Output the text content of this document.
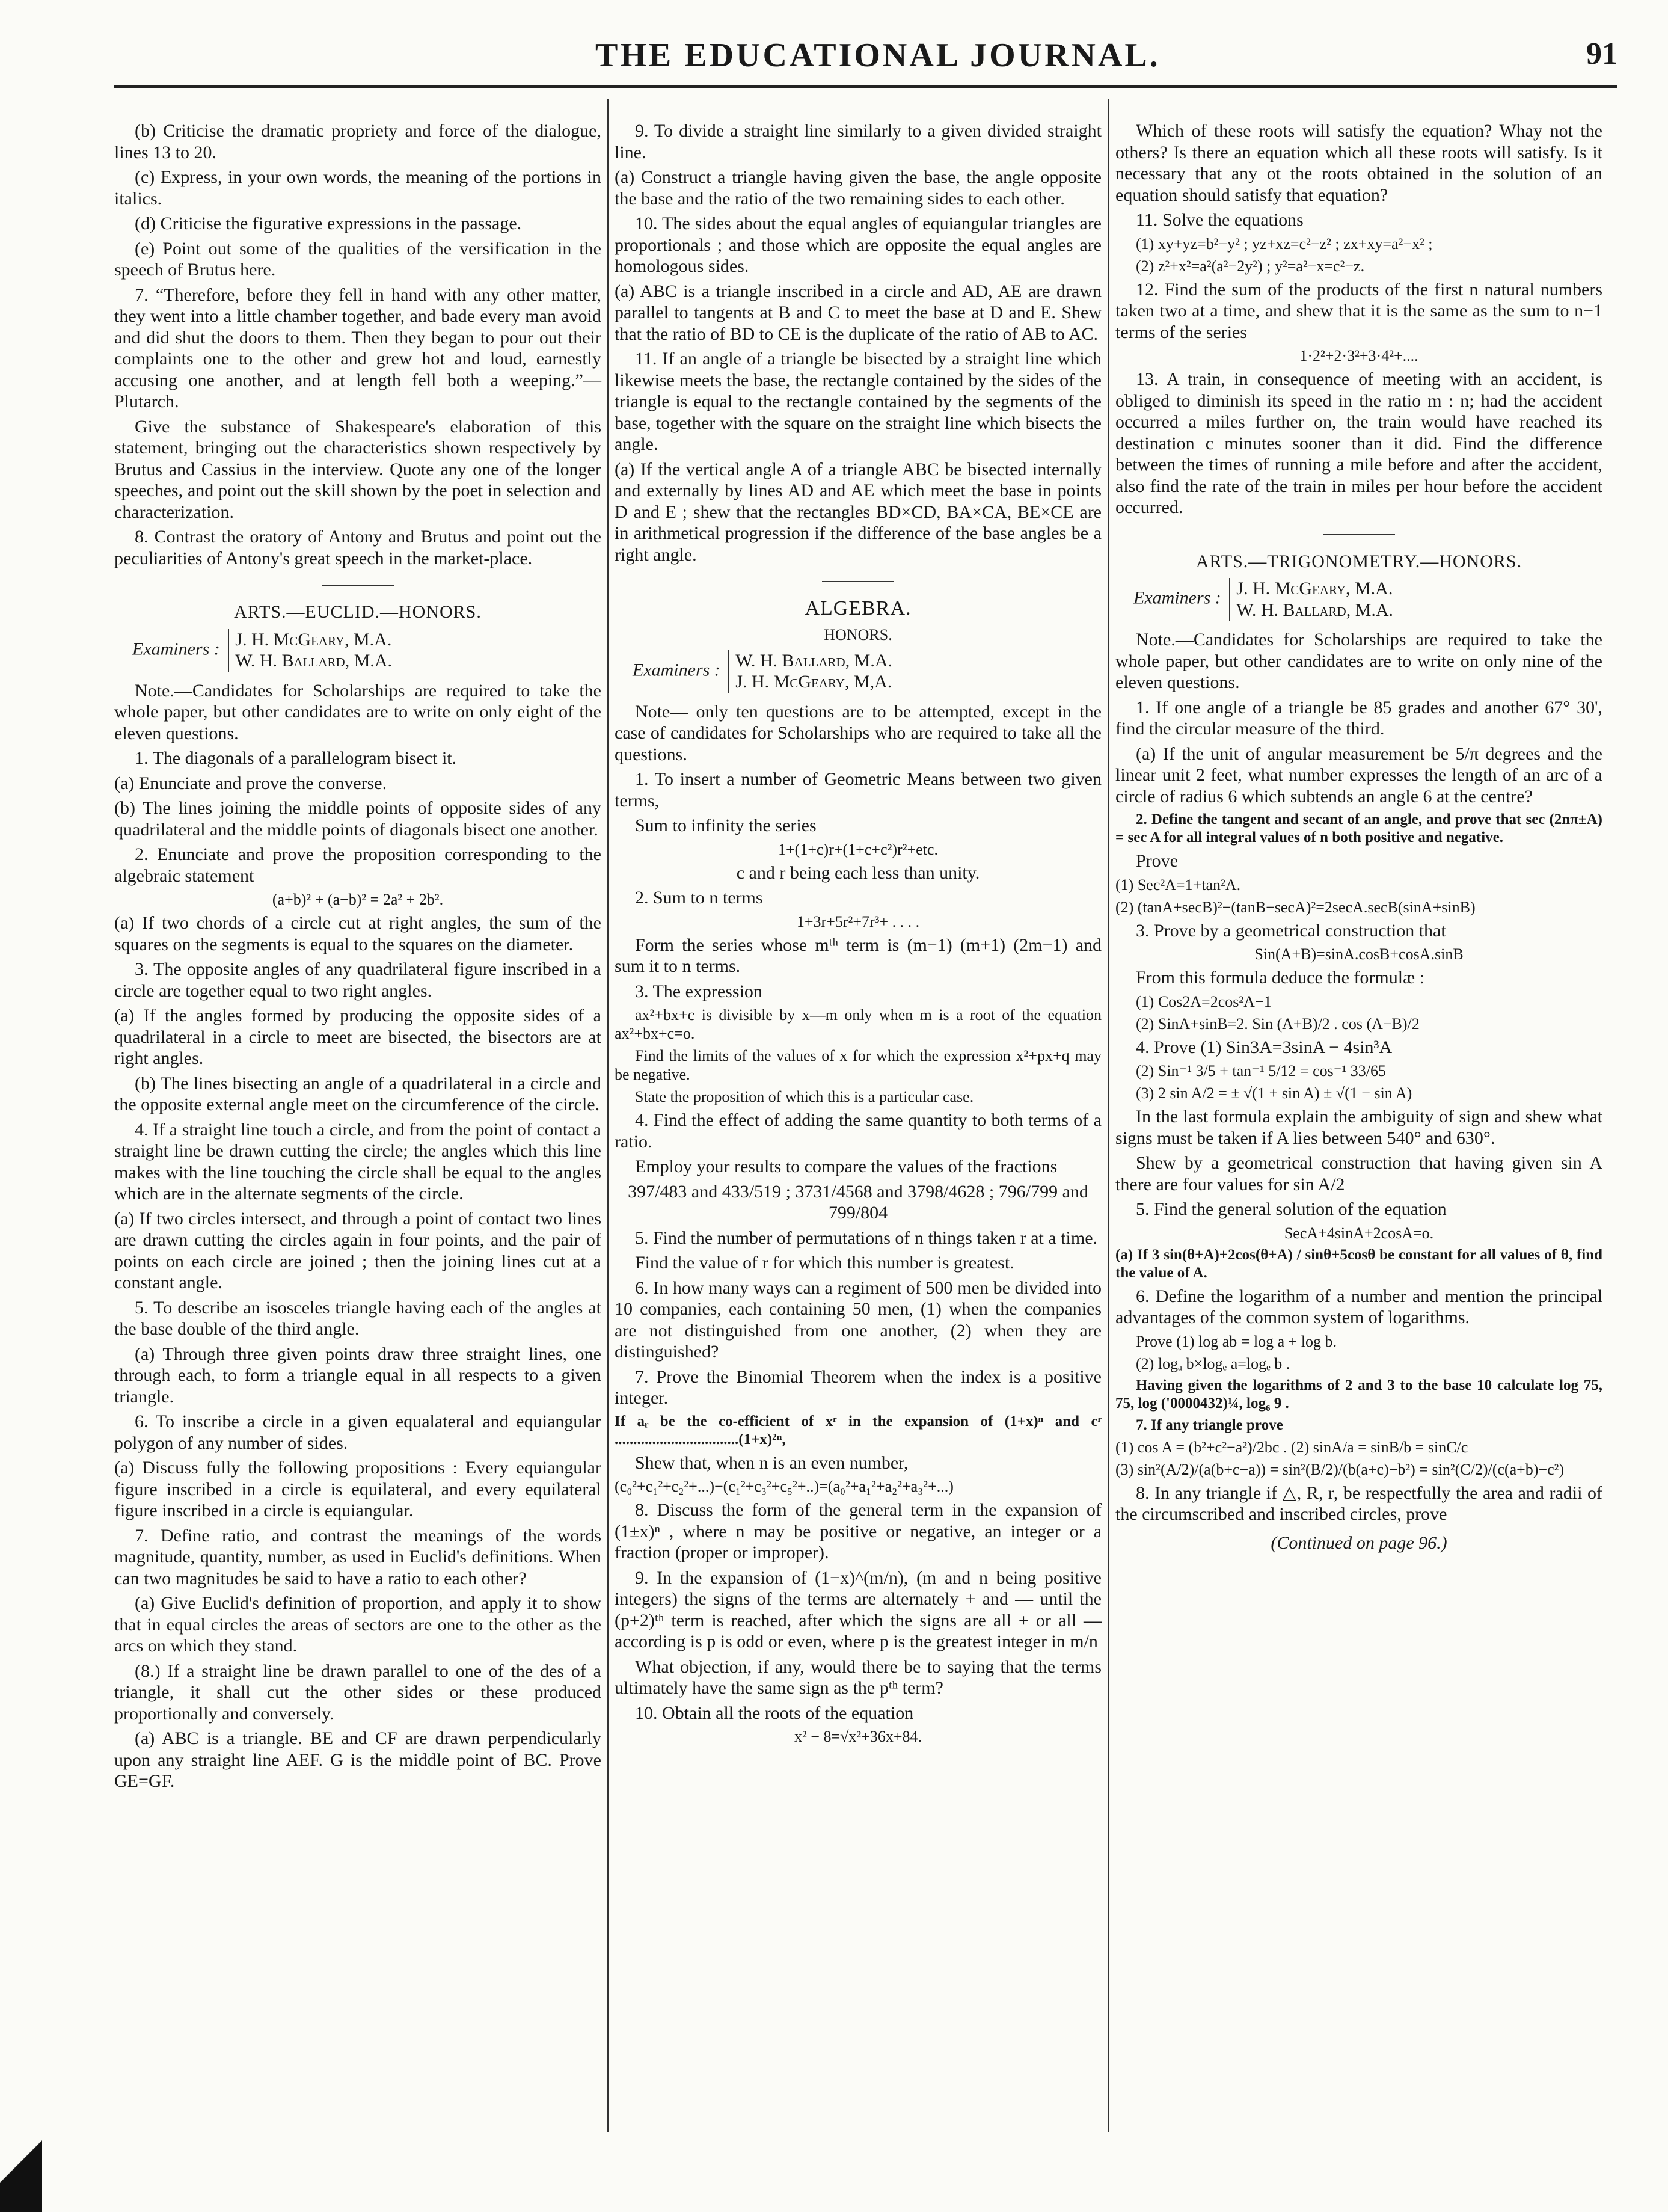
THE EDUCATIONAL JOURNAL.	91

(b) Criticise the dramatic propriety and force of the dialogue, lines 13 to 20.

(c) Express, in your own words, the meaning of the portions in italics.

(d) Criticise the figurative expressions in the passage.

(e) Point out some of the qualities of the versification in the speech of Brutus here.

7. “Therefore, before they fell in hand with any other matter, they went into a little chamber together, and bade every man avoid and did shut the doors to them. Then they began to pour out their complaints one to the other and grew hot and loud, earnestly accusing one another, and at length fell both a weeping.”—Plutarch.

Give the substance of Shakespeare's elaboration of this statement, bringing out the characteristics shown respectively by Brutus and Cassius in the interview. Quote any one of the longer speeches, and point out the skill shown by the poet in selection and characterization.

8. Contrast the oratory of Antony and Brutus and point out the peculiarities of Antony's great speech in the market-place.

ARTS.—EUCLID.—HONORS.

Examiners : J. H. McGeary, M.A.
W. H. Ballard, M.A.

Note.—Candidates for Scholarships are required to take the whole paper, but other candidates are to write on only eight of the eleven questions.

1. The diagonals of a parallelogram bisect it.

(a) Enunciate and prove the converse.

(b) The lines joining the middle points of opposite sides of any quadrilateral and the middle points of diagonals bisect one another.

2. Enunciate and prove the proposition corresponding to the algebraic statement

(a+b)² + (a−b)² = 2a² + 2b².

(a) If two chords of a circle cut at right angles, the sum of the squares on the segments is equal to the squares on the diameter.

3. The opposite angles of any quadrilateral figure inscribed in a circle are together equal to two right angles.

(a) If the angles formed by producing the opposite sides of a quadrilateral in a circle to meet are bisected, the bisectors are at right angles.

(b) The lines bisecting an angle of a quadrilateral in a circle and the opposite external angle meet on the circumference of the circle.

4. If a straight line touch a circle, and from the point of contact a straight line be drawn cutting the circle; the angles which this line makes with the line touching the circle shall be equal to the angles which are in the alternate segments of the circle.

(a) If two circles intersect, and through a point of contact two lines are drawn cutting the circles again in four points, and the pair of points on each circle are joined ; then the joining lines cut at a constant angle.

5. To describe an isosceles triangle having each of the angles at the base double of the third angle.

(a) Through three given points draw three straight lines, one through each, to form a triangle equal in all respects to a given triangle.

6. To inscribe a circle in a given equalateral and equiangular polygon of any number of sides.

(a) Discuss fully the following propositions : Every equiangular figure inscribed in a circle is equilateral, and every equilateral figure inscribed in a circle is equiangular.

7. Define ratio, and contrast the meanings of the words magnitude, quantity, number, as used in Euclid's definitions. When can two magnitudes be said to have a ratio to each other?

(a) Give Euclid's definition of proportion, and apply it to show that in equal circles the areas of sectors are one to the other as the arcs on which they stand.

(8.) If a straight line be drawn parallel to one of the des of a triangle, it shall cut the other sides or these produced proportionally and conversely.

(a) ABC is a triangle. BE and CF are drawn perpendicularly upon any straight line AEF. G is the middle point of BC. Prove GE=GF.

9. To divide a straight line similarly to a given divided straight line.

(a) Construct a triangle having given the base, the angle opposite the base and the ratio of the two remaining sides to each other.

10. The sides about the equal angles of equiangular triangles are proportionals ; and those which are opposite the equal angles are homologous sides.

(a) ABC is a triangle inscribed in a circle and AD, AE are drawn parallel to tangents at B and C to meet the base at D and E. Shew that the ratio of BD to CE is the duplicate of the ratio of AB to AC.

11. If an angle of a triangle be bisected by a straight line which likewise meets the base, the rectangle contained by the sides of the triangle is equal to the rectangle contained by the segments of the base, together with the square on the straight line which bisects the angle.

(a) If the vertical angle A of a triangle ABC be bisected internally and externally by lines AD and AE which meet the base in points D and E ; shew that the rectangles BD×CD, BA×CA, BE×CE are in arithmetical progression if the difference of the base angles be a right angle.

ALGEBRA.

HONORS.

Examiners : W. H. Ballard, M.A.
J. H. McGeary, M,A.

Note— only ten questions are to be attempted, except in the case of candidates for Scholarships who are required to take all the questions.

1. To insert a number of Geometric Means between two given terms,

Sum to infinity the series

1+(1+c)r+(1+c+c²)r²+etc.

c and r being each less than unity.

2. Sum to n terms

1+3r+5r²+7r³+ . . . .

Form the series whose mᵗʰ term is (m−1) (m+1) (2m−1) and sum it to n terms.

3. The expression

ax²+bx+c is divisible by x—m only when m is a root of the equation ax²+bx+c=o.

Find the limits of the values of x for which the expression x²+px+q may be negative.

State the proposition of which this is a particular case.

4. Find the effect of adding the same quantity to both terms of a ratio.

Employ your results to compare the values of the fractions

397/483 and 433/519 ; 3731/4568 and 3798/4628 ; 796/799 and 799/804

5. Find the number of permutations of n things taken r at a time.

Find the value of r for which this number is greatest.

6. In how many ways can a regiment of 500 men be divided into 10 companies, each containing 50 men, (1) when the companies are not distinguished from one another, (2) when they are distinguished?

7. Prove the Binomial Theorem when the index is a positive integer.

If aᵣ be the co-efficient of xʳ in the expansion of (1+x)ⁿ and cʳ .................................(1+x)²ⁿ,

Shew that, when n is an even number,

(c₀²+c₁²+c₂²+...)−(c₁²+c₃²+c₅²+..)=(a₀²+a₁²+a₂²+a₃²+...)

8. Discuss the form of the general term in the expansion of (1±x)ⁿ , where n may be positive or negative, an integer or a fraction (proper or improper).

9. In the expansion of (1−x)^(m/n), (m and n being positive integers) the signs of the terms are alternately + and — until the (p+2)ᵗʰ term is reached, after which the signs are all + or all — according is p is odd or even, where p is the greatest integer in m/n

What objection, if any, would there be to saying that the terms ultimately have the same sign as the pᵗʰ term?

10. Obtain all the roots of the equation

x² − 8=√x²+36x+84.

Which of these roots will satisfy the equation? Whay not the others? Is there an equation which all these roots will satisfy. Is it necessary that any ot the roots obtained in the solution of an equation should satisfy that equation?

11. Solve the equations

(1) xy+yz=b²−y² ; yz+xz=c²−z² ; zx+xy=a²−x² ;

(2) z²+x²=a²(a²−2y²) ; y²=a²−x=c²−z.

12. Find the sum of the products of the first n natural numbers taken two at a time, and shew that it is the same as the sum to n−1 terms of the series

1·2²+2·3²+3·4²+....

13. A train, in consequence of meeting with an accident, is obliged to diminish its speed in the ratio m : n; had the accident occurred a miles further on, the train would have reached its destination c minutes sooner than it did. Find the difference between the times of running a mile before and after the accident, also find the rate of the train in miles per hour before the accident occurred.

ARTS.—TRIGONOMETRY.—HONORS.

Examiners : J. H. McGeary, M.A.
W. H. Ballard, M.A.

Note.—Candidates for Scholarships are required to take the whole paper, but other candidates are to write on only nine of the eleven questions.

1. If one angle of a triangle be 85 grades and another 67° 30', find the circular measure of the third.

(a) If the unit of angular measurement be 5/π degrees and the linear unit 2 feet, what number expresses the length of an arc of a circle of radius 6 which subtends an angle 6 at the centre?

2. Define the tangent and secant of an angle, and prove that sec (2nπ±A) = sec A for all integral values of n both positive and negative.

Prove

(1) Sec²A=1+tan²A.

(2) (tanA+secB)²−(tanB−secA)²=2secA.secB(sinA+sinB)

3. Prove by a geometrical construction that

Sin(A+B)=sinA.cosB+cosA.sinB

From this formula deduce the formulæ :

(1) Cos2A=2cos²A−1

(2) SinA+sinB=2. Sin (A+B)/2 . cos (A−B)/2

4. Prove (1) Sin3A=3sinA − 4sin³A

(2) Sin⁻¹ 3/5 + tan⁻¹ 5/12 = cos⁻¹ 33/65

(3) 2 sin A/2 = ± √(1 + sin A) ± √(1 − sin A)

In the last formula explain the ambiguity of sign and shew what signs must be taken if A lies between 540° and 630°.

Shew by a geometrical construction that having given sin A there are four values for sin A/2

5. Find the general solution of the equation

SecA+4sinA+2cosA=o.

(a) If 3 sin(θ+A)+2cos(θ+A) / sinθ+5cosθ be constant for all values of θ, find the value of A.

6. Define the logarithm of a number and mention the principal advantages of the common system of logarithms.

Prove (1) log ab = log a + log b.

(2) logₐ b×logₑ a=logₑ b .

Having given the logarithms of 2 and 3 to the base 10 calculate log 75, 75, log ('0000432)¼, log₆ 9 .

7. If any triangle prove

(1) cos A = (b²+c²−a²)/2bc . (2) sinA/a = sinB/b = sinC/c

(3) sin²(A/2)/(a(b+c−a)) = sin²(B/2)/(b(a+c)−b²) = sin²(C/2)/(c(a+b)−c²)

8. In any triangle if △, R, r, be respectfully the area and radii of the circumscribed and inscribed circles, prove

(Continued on page 96.)
